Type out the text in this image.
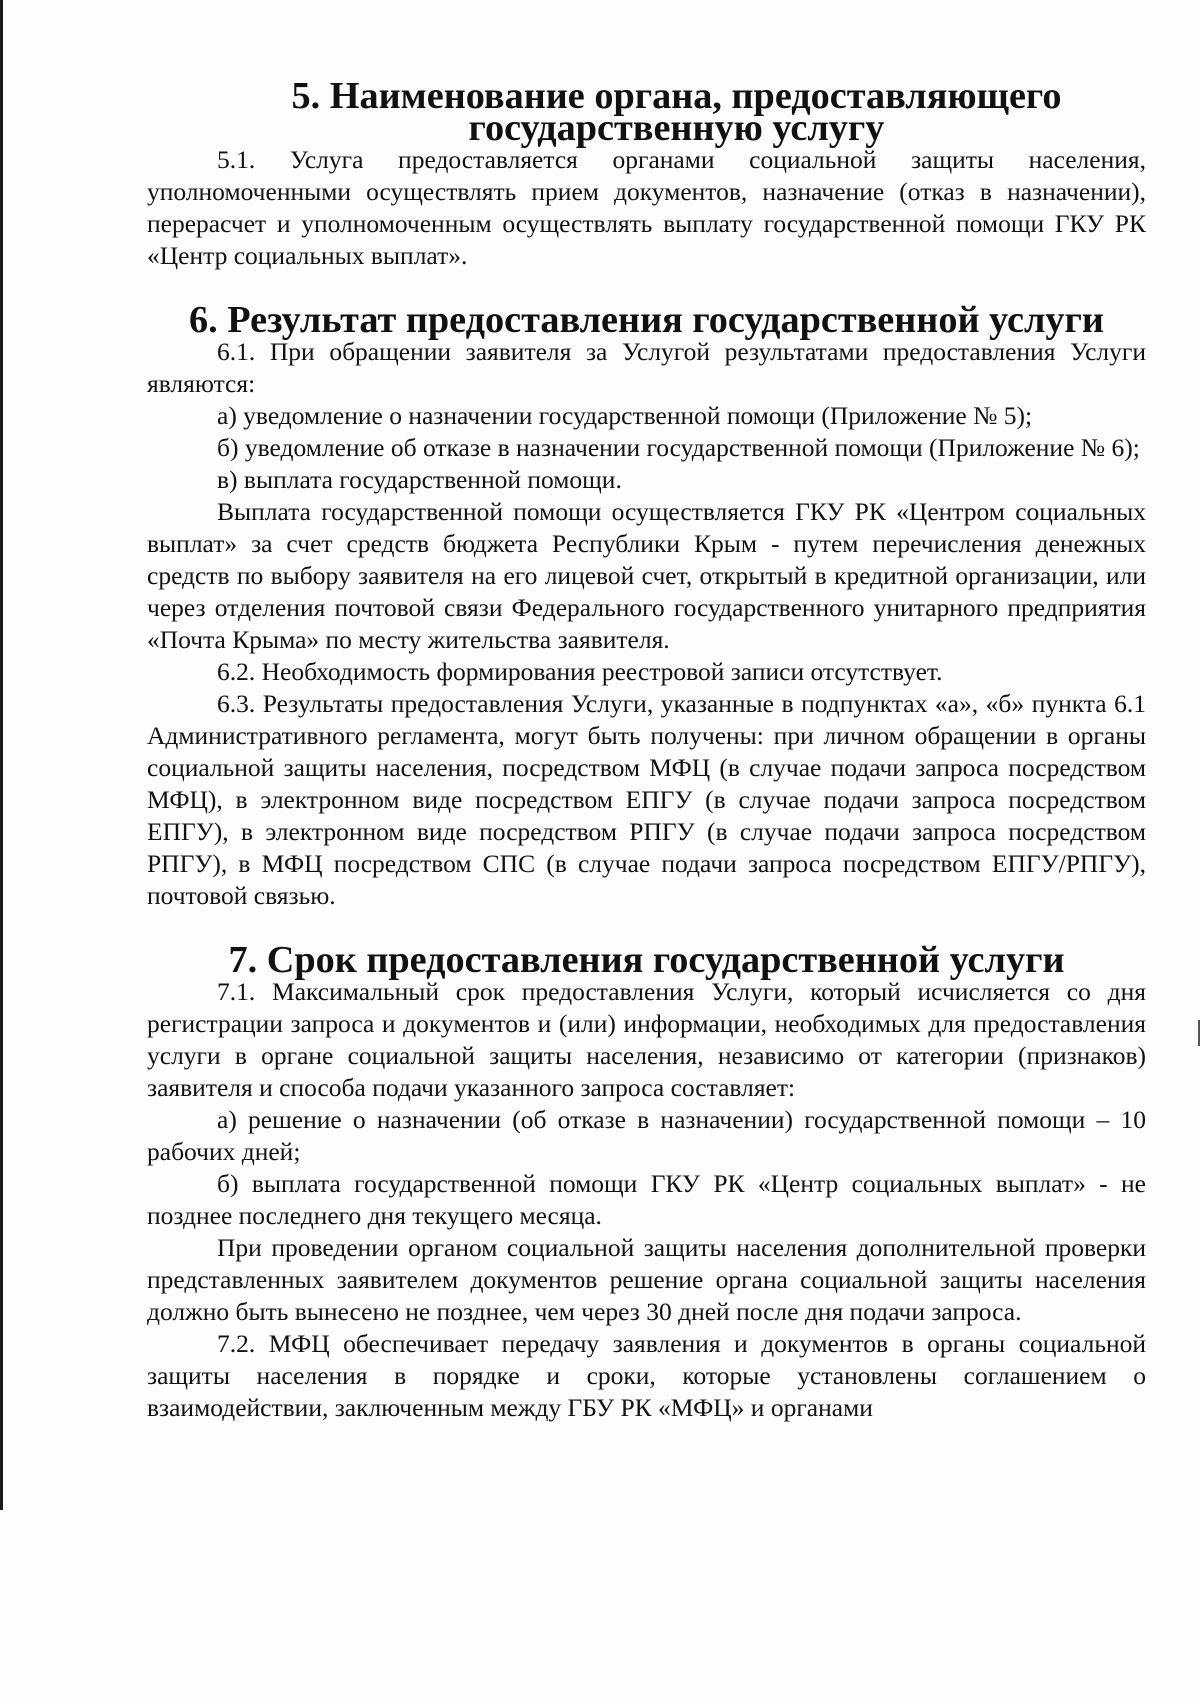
5. Наименование органа, предоставляющего государственную услугу

5.1. Услуга предоставляется органами социальной защиты населения, уполномоченными осуществлять прием документов, назначение (отказ в назначении), перерасчет и уполномоченным осуществлять выплату государственной помощи ГКУ РК «Центр социальных выплат».

6. Результат предоставления государственной услуги

6.1. При обращении заявителя за Услугой результатами предоставления Услуги являются:

а) уведомление о назначении государственной помощи (Приложение № 5);

б) уведомление об отказе в назначении государственной помощи (Приложение № 6);

в) выплата государственной помощи.

Выплата государственной помощи осуществляется ГКУ РК «Центром социальных выплат» за счет средств бюджета Республики Крым - путем перечисления денежных средств по выбору заявителя на его лицевой счет, открытый в кредитной организации, или через отделения почтовой связи Федерального государственного унитарного предприятия «Почта Крыма» по месту жительства заявителя.

6.2. Необходимость формирования реестровой записи отсутствует.

6.3. Результаты предоставления Услуги, указанные в подпунктах «а», «б» пункта 6.1 Административного регламента, могут быть получены: при личном обращении в органы социальной защиты населения, посредством МФЦ (в случае подачи запроса посредством МФЦ), в электронном виде посредством ЕПГУ (в случае подачи запроса посредством ЕПГУ), в электронном виде посредством РПГУ (в случае подачи запроса посредством РПГУ), в МФЦ посредством СПС (в случае подачи запроса посредством ЕПГУ/РПГУ), почтовой связью.

7. Срок предоставления государственной услуги

7.1. Максимальный срок предоставления Услуги, который исчисляется со дня регистрации запроса и документов и (или) информации, необходимых для предоставления услуги в органе социальной защиты населения, независимо от категории (признаков) заявителя и способа подачи указанного запроса составляет:

а) решение о назначении (об отказе в назначении) государственной помощи – 10 рабочих дней;

б) выплата государственной помощи ГКУ РК «Центр социальных выплат» - не позднее последнего дня текущего месяца.

При проведении органом социальной защиты населения дополнительной проверки представленных заявителем документов решение органа социальной защиты населения должно быть вынесено не позднее, чем через 30 дней после дня подачи запроса.

7.2. МФЦ обеспечивает передачу заявления и документов в органы социальной защиты населения в порядке и сроки, которые установлены соглашением о взаимодействии, заключенным между ГБУ РК «МФЦ» и органами
